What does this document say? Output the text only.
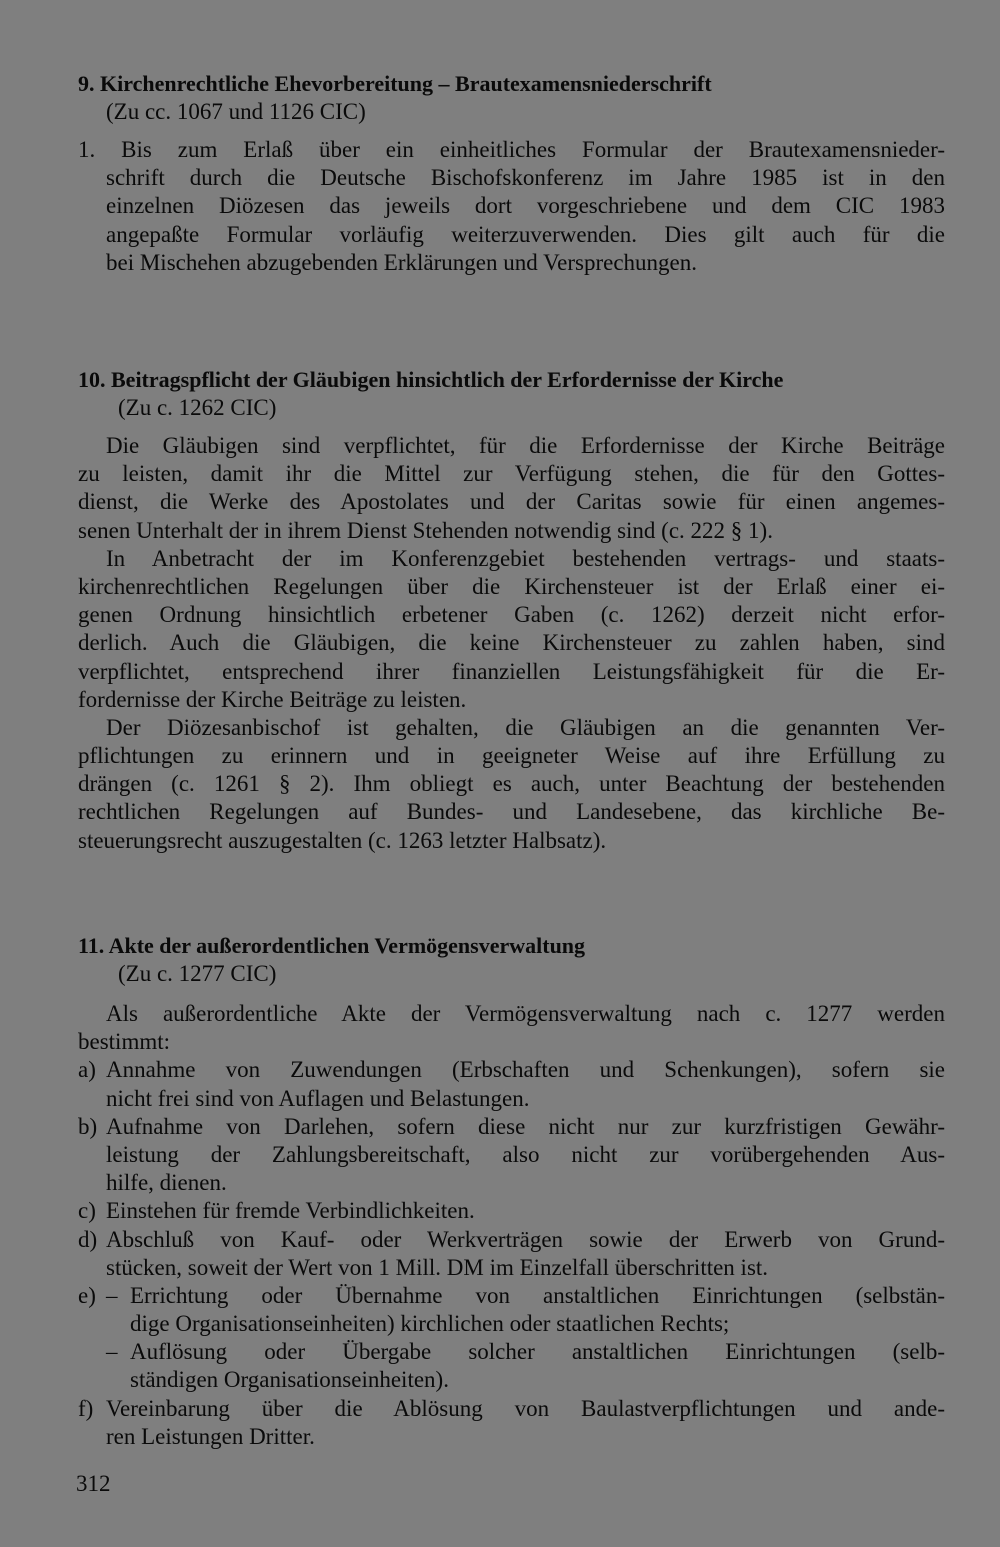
9. Kirchenrechtliche Ehevorbereitung – Brautexamensniederschrift
(Zu cc. 1067 und 1126 CIC)
1. Bis zum Erlaß über ein einheitliches Formular der Brautexamensnieder-
schrift durch die Deutsche Bischofskonferenz im Jahre 1985 ist in den
einzelnen Diözesen das jeweils dort vorgeschriebene und dem CIC 1983
angepaßte Formular vorläufig weiterzuverwenden. Dies gilt auch für die
bei Mischehen abzugebenden Erklärungen und Versprechungen.
10. Beitragspflicht der Gläubigen hinsichtlich der Erfordernisse der Kirche
(Zu c. 1262 CIC)
Die Gläubigen sind verpflichtet, für die Erfordernisse der Kirche Beiträge
zu leisten, damit ihr die Mittel zur Verfügung stehen, die für den Gottes-
dienst, die Werke des Apostolates und der Caritas sowie für einen angemes-
senen Unterhalt der in ihrem Dienst Stehenden notwendig sind (c. 222 § 1).
In Anbetracht der im Konferenzgebiet bestehenden vertrags- und staats-
kirchenrechtlichen Regelungen über die Kirchensteuer ist der Erlaß einer ei-
genen Ordnung hinsichtlich erbetener Gaben (c. 1262) derzeit nicht erfor-
derlich. Auch die Gläubigen, die keine Kirchensteuer zu zahlen haben, sind
verpflichtet, entsprechend ihrer finanziellen Leistungsfähigkeit für die Er-
fordernisse der Kirche Beiträge zu leisten.
Der Diözesanbischof ist gehalten, die Gläubigen an die genannten Ver-
pflichtungen zu erinnern und in geeigneter Weise auf ihre Erfüllung zu
drängen (c. 1261 § 2). Ihm obliegt es auch, unter Beachtung der bestehenden
rechtlichen Regelungen auf Bundes- und Landesebene, das kirchliche Be-
steuerungsrecht auszugestalten (c. 1263 letzter Halbsatz).
11. Akte der außerordentlichen Vermögensverwaltung
(Zu c. 1277 CIC)
Als außerordentliche Akte der Vermögensverwaltung nach c. 1277 werden
bestimmt:
a) Annahme von Zuwendungen (Erbschaften und Schenkungen), sofern sie
nicht frei sind von Auflagen und Belastungen.
b) Aufnahme von Darlehen, sofern diese nicht nur zur kurzfristigen Gewähr-
leistung der Zahlungsbereitschaft, also nicht zur vorübergehenden Aus-
hilfe, dienen.
c) Einstehen für fremde Verbindlichkeiten.
d) Abschluß von Kauf- oder Werkverträgen sowie der Erwerb von Grund-
stücken, soweit der Wert von 1 Mill. DM im Einzelfall überschritten ist.
e) – Errichtung oder Übernahme von anstaltlichen Einrichtungen (selbstän-
dige Organisationseinheiten) kirchlichen oder staatlichen Rechts;
– Auflösung oder Übergabe solcher anstaltlichen Einrichtungen (selb-
ständigen Organisationseinheiten).
f) Vereinbarung über die Ablösung von Baulastverpflichtungen und ande-
ren Leistungen Dritter.
312
